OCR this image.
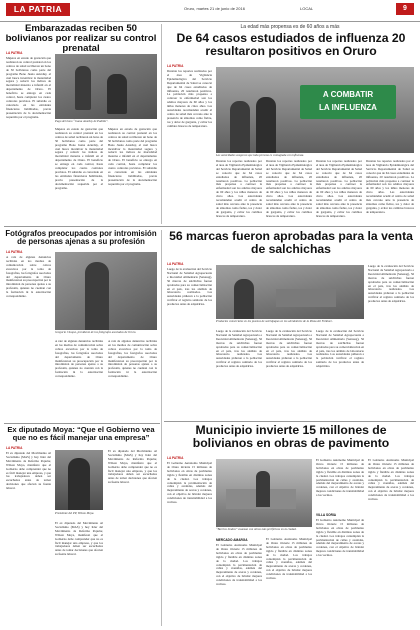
LA PATRIA	Oruro, martes 21 de junio de 2016	LOCAL	9
Embarazadas reciben 50 bolivianos por realizar su control prenatal
LA PATRIA
Mujeres en estado de gestación que realizaron su control prenatal en los centros de salud recibieron un bono de 50 bolivianos como parte del programa Bono Juana Azurduy, el cual busca incentivar la maternidad segura y reducir los índices de mortalidad materna e infantil en el departamento de Oruro. El beneficio se entrega en cada control, hasta completar los cuatro controles previstos. El subsidio es cancelado en las entidades financieras habilitadas, previa presentación de la documentación requerida por el programa.
Pago del bono “Juana Azurduy de Padilla”.
Mujeres en estado de gestación que realizaron su control prenatal en los centros de salud recibieron un bono de 50 bolivianos como parte del programa Bono Juana Azurduy, el cual busca incentivar la maternidad segura y reducir los índices de mortalidad materna e infantil en el departamento de Oruro. El beneficio se entrega en cada control, hasta completar los cuatro controles previstos. El subsidio es cancelado en las entidades financieras habilitadas, previa presentación de la documentación requerida por el programa.
Mujeres en estado de gestación que realizaron su control prenatal en los centros de salud recibieron un bono de 50 bolivianos como parte del programa Bono Juana Azurduy, el cual busca incentivar la maternidad segura y reducir los índices de mortalidad materna e infantil en el departamento de Oruro. El beneficio se entrega en cada control, hasta completar los cuatro controles previstos. El subsidio es cancelado en las entidades financieras habilitadas, previa presentación de la documentación requerida por el programa.
La edad más propensa es de 60 años a más
De 64 casos estudiados de influenza 20 resultaron positivos en Oruro
LA PATRIA
Durante los reportes realizados por el área de Vigilancia Epidemiológica del Servicio Departamental de Salud se conoció que de 64 casos estudiados de influenza, 20 resultaron positivos. La población más propensa a contraer la enfermedad son los adultos mayores de 60 años y los niños menores de cinco años. Las autoridades recomiendan acudir al centro de salud más cercano ante la presencia de síntomas como fiebre, tos y dolor de garganta, y evitar los cambios bruscos de temperatura.
A COMBATIR
LA INFLUENZA
Las autoridades aseguran que toda persona es contagiada con influenza.
Durante los reportes realizados por el área de Vigilancia Epidemiológica del Servicio Departamental de Salud se conoció que de 64 casos estudiados de influenza, 20 resultaron positivos. La población más propensa a contraer la enfermedad son los adultos mayores de 60 años y los niños menores de cinco años. Las autoridades recomiendan acudir al centro de salud más cercano ante la presencia de síntomas como fiebre, tos y dolor de garganta, y evitar los cambios bruscos de temperatura.
Durante los reportes realizados por el área de Vigilancia Epidemiológica del Servicio Departamental de Salud se conoció que de 64 casos estudiados de influenza, 20 resultaron positivos. La población más propensa a contraer la enfermedad son los adultos mayores de 60 años y los niños menores de cinco años. Las autoridades recomiendan acudir al centro de salud más cercano ante la presencia de síntomas como fiebre, tos y dolor de garganta, y evitar los cambios bruscos de temperatura.
Durante los reportes realizados por el área de Vigilancia Epidemiológica del Servicio Departamental de Salud se conoció que de 64 casos estudiados de influenza, 20 resultaron positivos. La población más propensa a contraer la enfermedad son los adultos mayores de 60 años y los niños menores de cinco años. Las autoridades recomiendan acudir al centro de salud más cercano ante la presencia de síntomas como fiebre, tos y dolor de garganta, y evitar los cambios bruscos de temperatura.
Durante los reportes realizados por el área de Vigilancia Epidemiológica del Servicio Departamental de Salud se conoció que de 64 casos estudiados de influenza, 20 resultaron positivos. La población más propensa a contraer la enfermedad son los adultos mayores de 60 años y los niños menores de cinco años. Las autoridades recomiendan acudir al centro de salud más cercano ante la presencia de síntomas como fiebre, tos y dolor de garganta, y evitar los cambios bruscos de temperatura.
Fotógrafos preocupados por intromisión de personas ajenas a su profesión
LA PATRIA
A raíz de algunas denuncias recibidas en los medios de comunicación sobre cobros excesivos por la toma de fotografías, los fotógrafos asociados del departamento de Oruro manifestaron su preocupación por la intromisión de personas ajenas a su profesión, quienes no cuentan con la formación ni la autorización correspondiente.
Gregorio Choque, presidente de los fotógrafos asociados de Oruro.
A raíz de algunas denuncias recibidas en los medios de comunicación sobre cobros excesivos por la toma de fotografías, los fotógrafos asociados del departamento de Oruro manifestaron su preocupación por la intromisión de personas ajenas a su profesión, quienes no cuentan con la formación ni la autorización correspondiente.
A raíz de algunas denuncias recibidas en los medios de comunicación sobre cobros excesivos por la toma de fotografías, los fotógrafos asociados del departamento de Oruro manifestaron su preocupación por la intromisión de personas ajenas a su profesión, quienes no cuentan con la formación ni la autorización correspondiente.
Ex diputado Moya: “Que el Gobierno vea que no es fácil manejar una empresa”
LA PATRIA
El ex diputado del Movimiento Al Socialismo (MAS) y hoy líder del Movimiento de Reforma Popular, Wilson Moya, manifestó que el Gobierno debe comprender que no es fácil manejar una empresa, y que los trabajadores deben ser escuchados antes de tomar decisiones que afecten su fuente laboral.
Presidente del PP, Wilson Moya.
El ex diputado del Movimiento Al Socialismo (MAS) y hoy líder del Movimiento de Reforma Popular, Wilson Moya, manifestó que el Gobierno debe comprender que no es fácil manejar una empresa, y que los trabajadores deben ser escuchados antes de tomar decisiones que afecten su fuente laboral.
El ex diputado del Movimiento Al Socialismo (MAS) y hoy líder del Movimiento de Reforma Popular, Wilson Moya, manifestó que el Gobierno debe comprender que no es fácil manejar una empresa, y que los trabajadores deben ser escuchados antes de tomar decisiones que afecten su fuente laboral.
56 marcas fueron aprobadas para la venta de salchichas
LA PATRIA
Luego de la evaluación del Servicio Nacional de Sanidad Agropecuaria e Inocuidad Alimentaria (Senasag), 56 marcas de salchichas fueron aprobadas para su comercialización en el país, tras los análisis de laboratorio realizados. Las autoridades pidieron a la población verificar el registro sanitario de los productos antes de adquirirlos.
Productos comerciales en los puestos de salchipapas en los alrededores de la Plaza del Folklore.
Luego de la evaluación del Servicio Nacional de Sanidad Agropecuaria e Inocuidad Alimentaria (Senasag), 56 marcas de salchichas fueron aprobadas para su comercialización en el país, tras los análisis de laboratorio realizados. Las autoridades pidieron a la población verificar el registro sanitario de los productos antes de adquirirlos.
Luego de la evaluación del Servicio Nacional de Sanidad Agropecuaria e Inocuidad Alimentaria (Senasag), 56 marcas de salchichas fueron aprobadas para su comercialización en el país, tras los análisis de laboratorio realizados. Las autoridades pidieron a la población verificar el registro sanitario de los productos antes de adquirirlos.
Luego de la evaluación del Servicio Nacional de Sanidad Agropecuaria e Inocuidad Alimentaria (Senasag), 56 marcas de salchichas fueron aprobadas para su comercialización en el país, tras los análisis de laboratorio realizados. Las autoridades pidieron a la población verificar el registro sanitario de los productos antes de adquirirlos.
Luego de la evaluación del Servicio Nacional de Sanidad Agropecuaria e Inocuidad Alimentaria (Senasag), 56 marcas de salchichas fueron aprobadas para su comercialización en el país, tras los análisis de laboratorio realizados. Las autoridades pidieron a la población verificar el registro sanitario de los productos antes de adquirirlos.
Municipio invierte 15 millones de bolivianos en obras de pavimento
LA PATRIA
El Gobierno Autónomo Municipal de Oruro invierte 15 millones de bolivianos en obras de pavimento rígido y flexible en distintas zonas de la ciudad. Los trabajos contemplan la pavimentación de calles y avenidas, además del mejoramiento de aceras y cordones, con el objetivo de brindar mejores condiciones de transitabilidad a los vecinos.
“Barrios Lindos” avanzan con obras más periféricas en la ciudad.
MERCADO AMARGA
El Gobierno Autónomo Municipal de Oruro invierte 15 millones de bolivianos en obras de pavimento rígido y flexible en distintas zonas de la ciudad. Los trabajos contemplan la pavimentación de calles y avenidas, además del mejoramiento de aceras y cordones, con el objetivo de brindar mejores condiciones de transitabilidad a los vecinos.
El Gobierno Autónomo Municipal de Oruro invierte 15 millones de bolivianos en obras de pavimento rígido y flexible en distintas zonas de la ciudad. Los trabajos contemplan la pavimentación de calles y avenidas, además del mejoramiento de aceras y cordones, con el objetivo de brindar mejores condiciones de transitabilidad a los vecinos.
El Gobierno Autónomo Municipal de Oruro invierte 15 millones de bolivianos en obras de pavimento rígido y flexible en distintas zonas de la ciudad. Los trabajos contemplan la pavimentación de calles y avenidas, además del mejoramiento de aceras y cordones, con el objetivo de brindar mejores condiciones de transitabilidad a los vecinos.
VILLA SORIA
El Gobierno Autónomo Municipal de Oruro invierte 15 millones de bolivianos en obras de pavimento rígido y flexible en distintas zonas de la ciudad. Los trabajos contemplan la pavimentación de calles y avenidas, además del mejoramiento de aceras y cordones, con el objetivo de brindar mejores condiciones de transitabilidad a los vecinos.
El Gobierno Autónomo Municipal de Oruro invierte 15 millones de bolivianos en obras de pavimento rígido y flexible en distintas zonas de la ciudad. Los trabajos contemplan la pavimentación de calles y avenidas, además del mejoramiento de aceras y cordones, con el objetivo de brindar mejores condiciones de transitabilidad a los vecinos.
